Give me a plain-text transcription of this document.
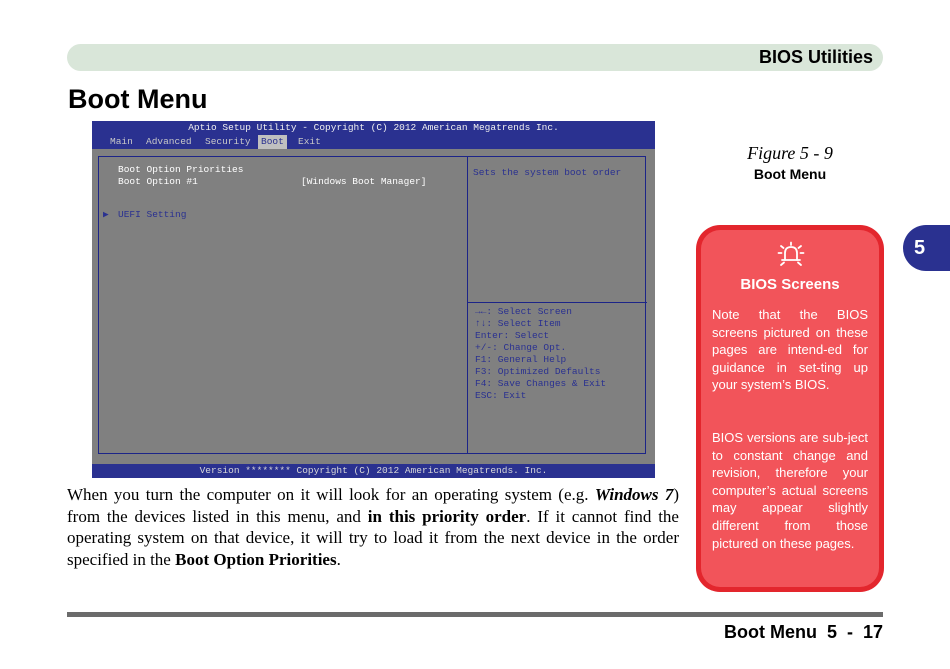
BIOS Utilities
Boot Menu
Aptio Setup Utility - Copyright (C) 2012 American Megatrends Inc.
Main	Advanced	Security	Boot	Exit
Boot Option Priorities
Boot Option #1	[Windows Boot Manager]
▶ UEFI Setting
Sets the system boot order
→←: Select Screen
↑↓: Select Item
Enter: Select
+/-: Change Opt.
F1: General Help
F3: Optimized Defaults
F4: Save Changes & Exit
ESC: Exit
Version ******** Copyright (C) 2012 American Megatrends. Inc.
Figure 5 - 9
Boot Menu
5
BIOS Screens
Note that the BIOS screens pictured on these pages are intend-ed for guidance in set-ting up your system’s BIOS.
BIOS versions are sub-ject to constant change and revision, therefore your computer’s actual screens may appear slightly different from those pictured on these pages.
When you turn the computer on it will look for an operating system (e.g. Windows 7) from the devices listed in this menu, and in this priority order. If it cannot find the operating system on that device, it will try to load it from the next device in the order specified in the Boot Option Priorities.
Boot Menu  5  -  17
